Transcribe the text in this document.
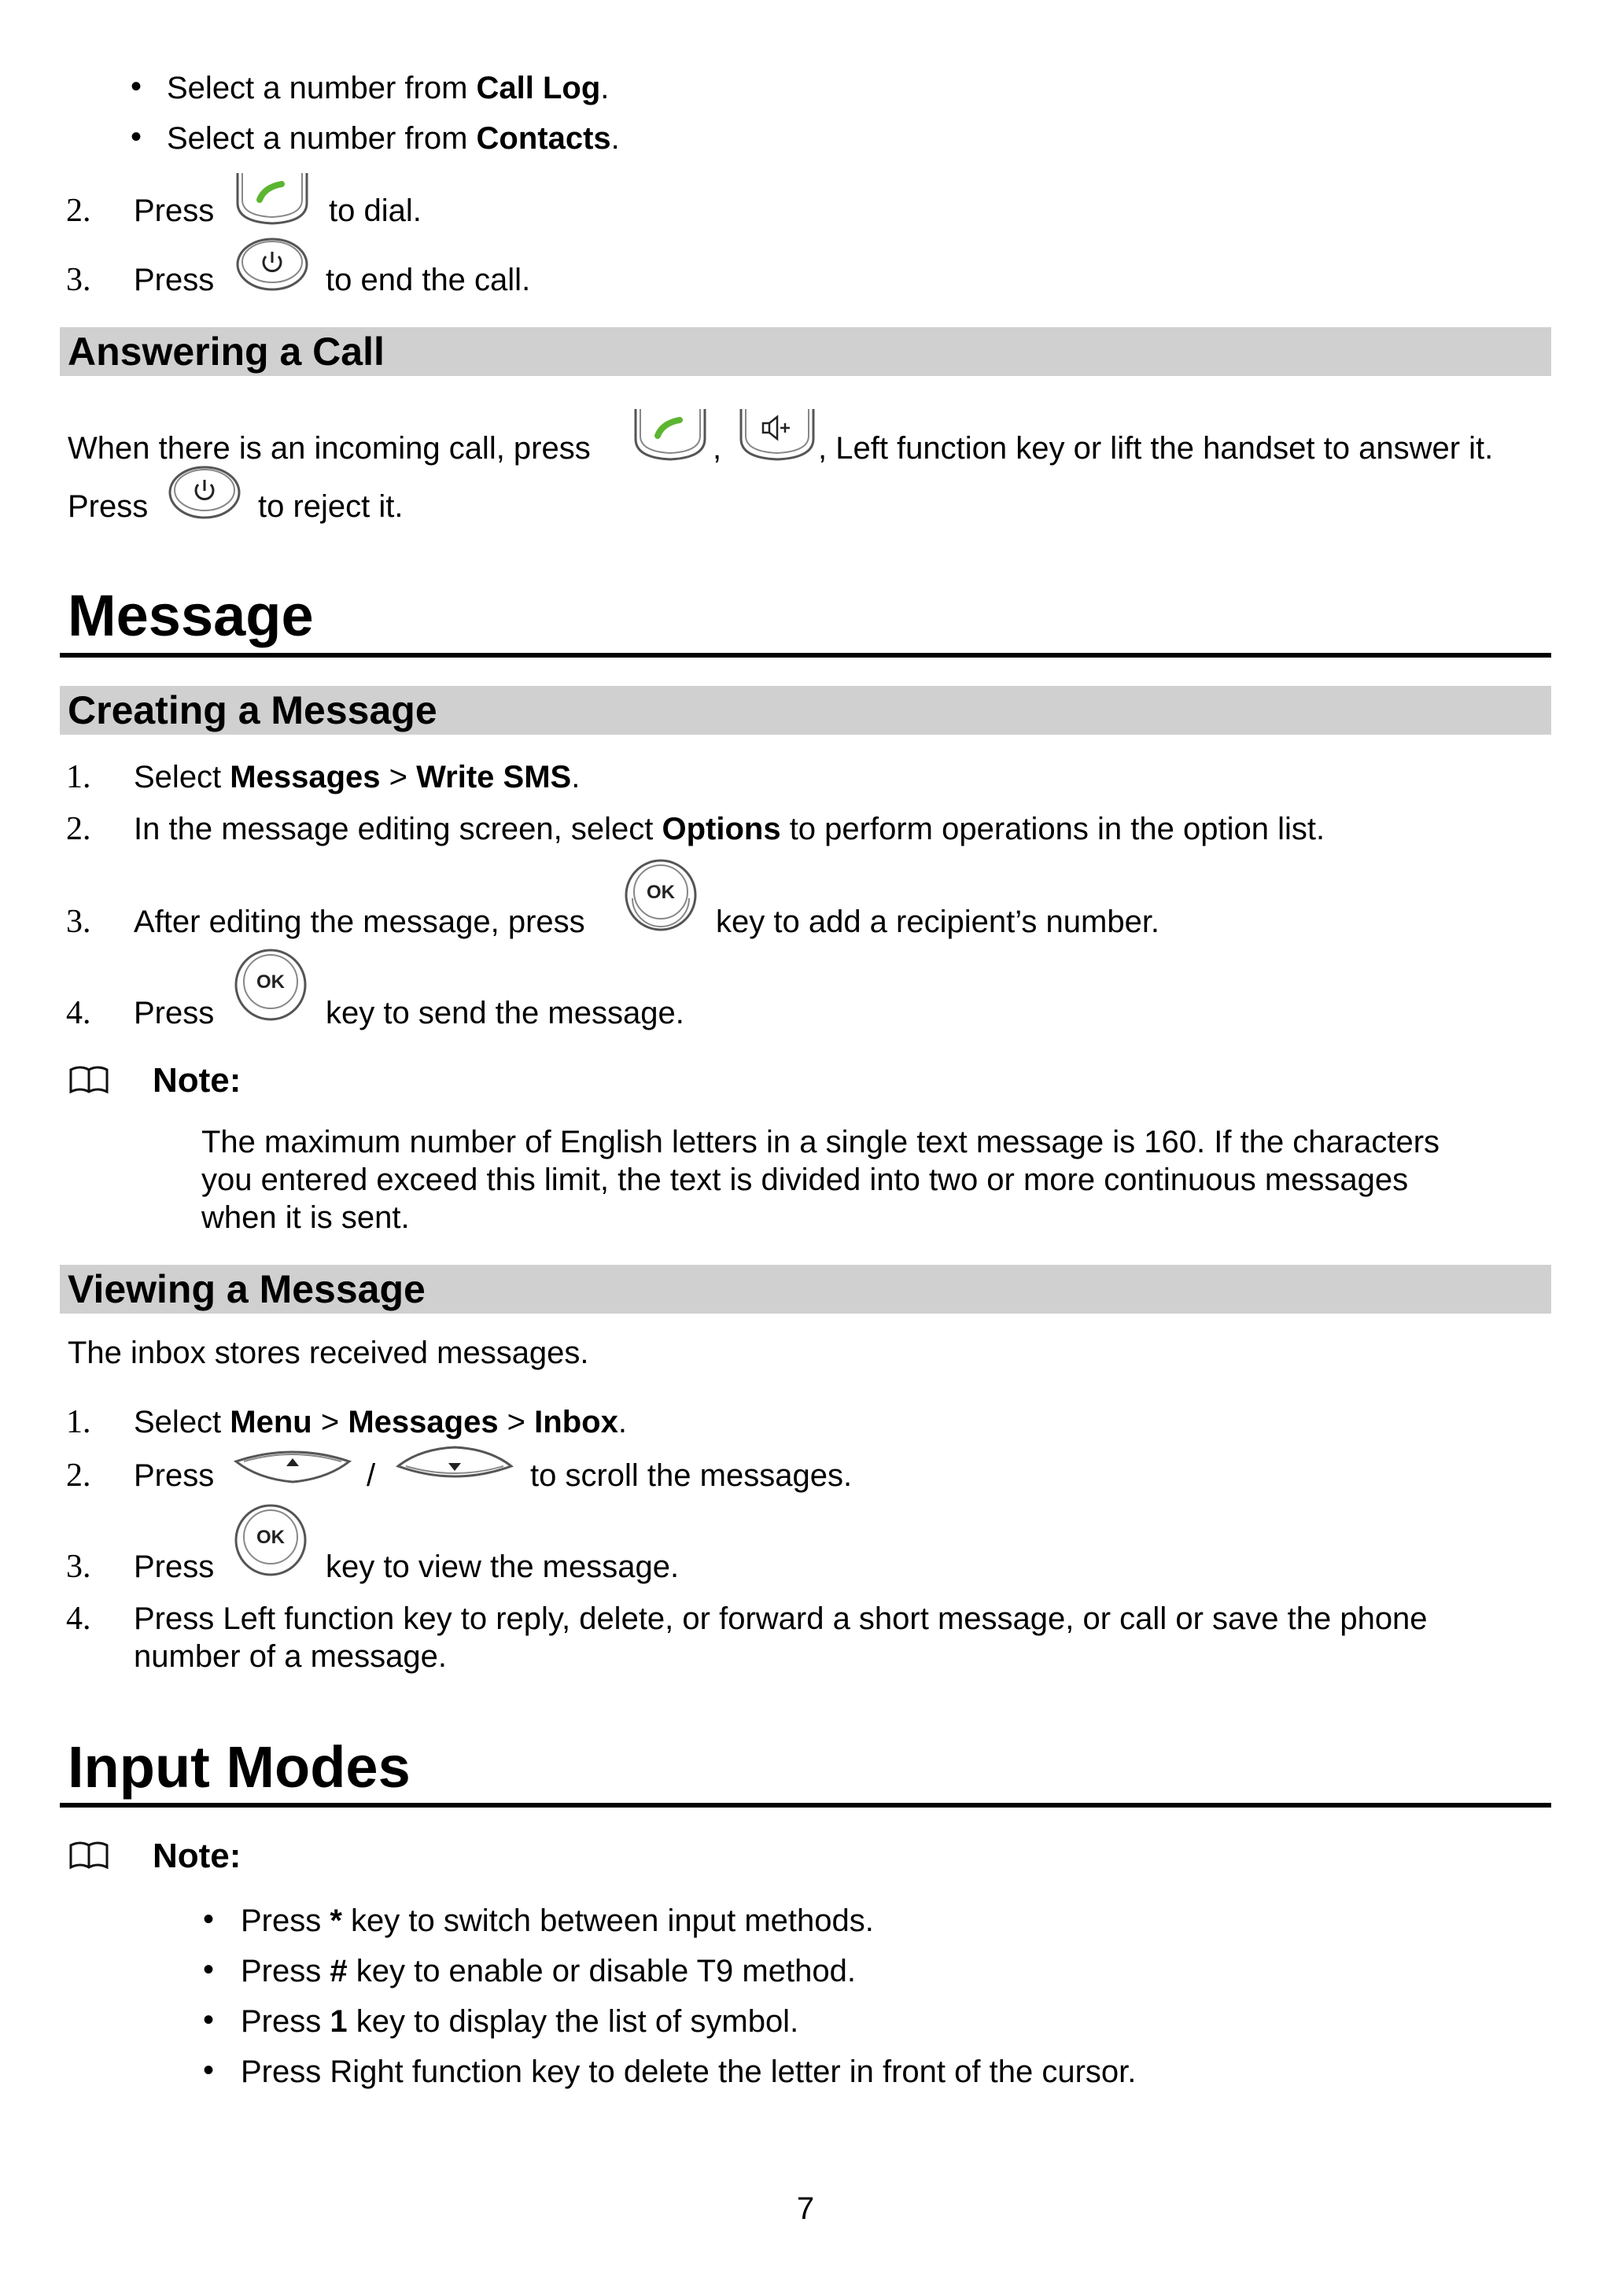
• Select a number from Call Log.
• Select a number from Contacts.
2. Press	to dial.
3. Press	to end the call.
Answering a Call
When there is an incoming call, press	,	, Left function key or lift the handset to answer it.
Press	to reject it.
Message
Creating a Message
1. Select Messages > Write SMS.
2. In the message editing screen, select Options to perform operations in the option list.
3. After editing the message, press
OK
key to add a recipient’s number.
4. Press
OK
key to send the message.
Note:
The maximum number of English letters in a single text message is 160. If the characters
you entered exceed this limit, the text is divided into two or more continuous messages
when it is sent.
Viewing a Message
The inbox stores received messages.
1. Select Menu > Messages > Inbox.
2. Press	/	to scroll the messages.
3. Press
OK
key to view the message.
4. Press Left function key to reply, delete, or forward a short message, or call or save the phone
number of a message.
Input Modes
Note:
• Press * key to switch between input methods.
• Press # key to enable or disable T9 method.
• Press 1 key to display the list of symbol.
• Press Right function key to delete the letter in front of the cursor.
7
